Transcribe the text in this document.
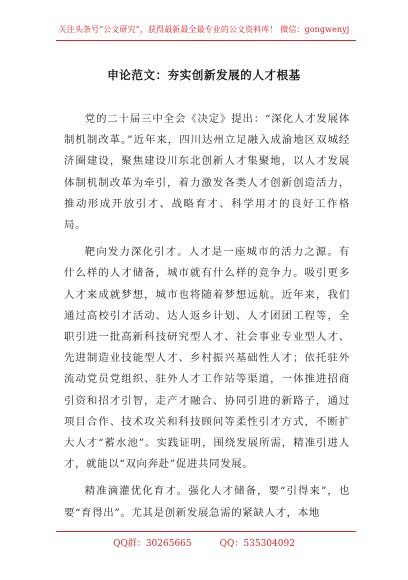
关注头条号“公文研究”，获得最新最全最专业的公文资料库！ 微信：gongwenyj
申论范文：夯实创新发展的人才根基

党的二十届三中全会《决定》提出：“深化人才发展体制机制改革。”近年来，四川达州立足融入成渝地区双城经济圈建设，聚焦建设川东北创新人才集聚地，以人才发展体制机制改革为牵引，着力激发各类人才创新创造活力，推动形成开放引才、战略育才、科学用才的良好工作格局。

靶向发力深化引才。人才是一座城市的活力之源。有什么样的人才储备，城市就有什么样的竞争力。吸引更多人才来成就梦想，城市也将随着梦想远航。近年来，我们通过高校引才活动、达人返乡计划、人才团团工程等，全职引进一批高新科技研究型人才、社会事业专业型人才、先进制造业技能型人才、乡村振兴基础性人才；依托驻外流动党员党组织、驻外人才工作站等渠道，一体推进招商引资和招才引智，走产才融合、协同引进的新路子，通过项目合作、技术攻关和科技顾问等柔性引才方式，不断扩大人才“蓄水池”。实践证明，围绕发展所需，精准引进人才，就能以“双向奔赴”促进共同发展。

精准滴灌优化育才。强化人才储备，要“引得来”，也要“育得出”。尤其是创新发展急需的紧缺人才，本地

QQ群：30265665	QQ：535304092
